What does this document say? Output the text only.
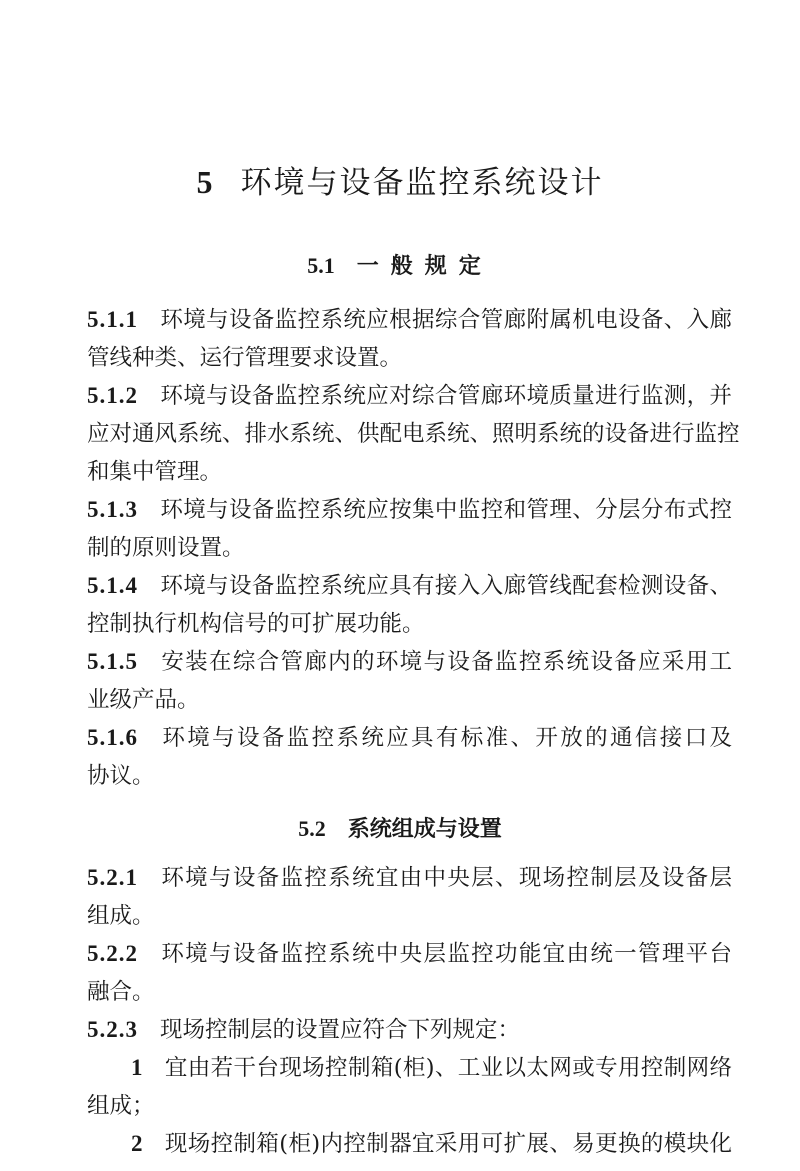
5 环境与设备监控系统设计
5.1 一般规定
5.1.1 环境与设备监控系统应根据综合管廊附属机电设备、入廊
管线种类、运行管理要求设置。
5.1.2 环境与设备监控系统应对综合管廊环境质量进行监测，并
应对通风系统、排水系统、供配电系统、照明系统的设备进行监控
和集中管理。
5.1.3 环境与设备监控系统应按集中监控和管理、分层分布式控
制的原则设置。
5.1.4 环境与设备监控系统应具有接入入廊管线配套检测设备、
控制执行机构信号的可扩展功能。
5.1.5 安装在综合管廊内的环境与设备监控系统设备应采用工
业级产品。
5.1.6 环境与设备监控系统应具有标准、开放的通信接口及
协议。
5.2 系统组成与设置
5.2.1 环境与设备监控系统宜由中央层、现场控制层及设备层
组成。
5.2.2 环境与设备监控系统中央层监控功能宜由统一管理平台
融合。
5.2.3 现场控制层的设置应符合下列规定：
1 宜由若干台现场控制箱(柜)、工业以太网或专用控制网络
组成；
2 现场控制箱(柜)内控制器宜采用可扩展、易更换的模块化
